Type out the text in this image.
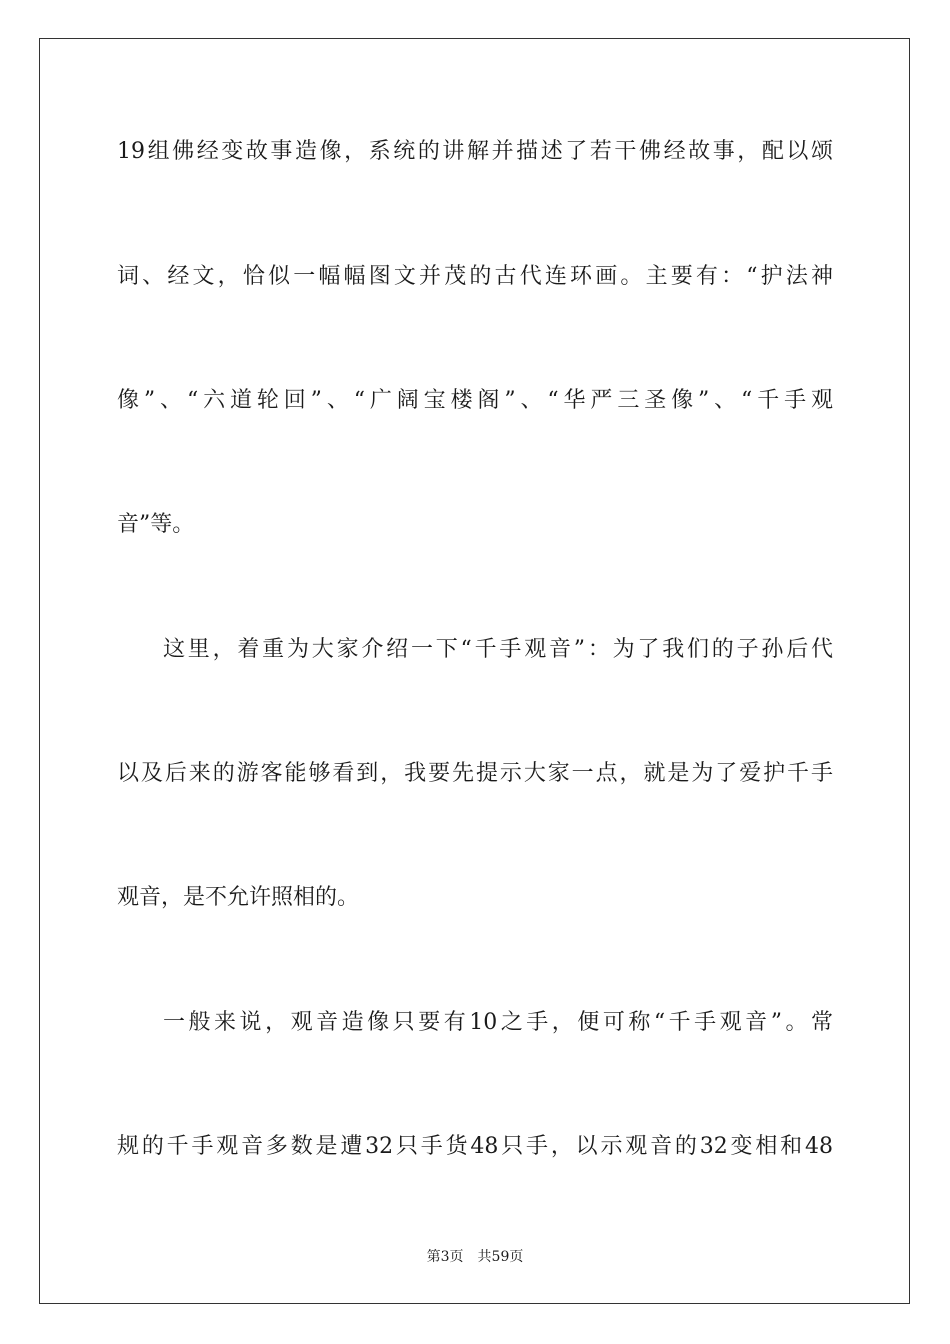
19组佛经变故事造像，系统的讲解并描述了若干佛经故事，配以颂

词、经文，恰似一幅幅图文并茂的古代连环画。主要有：“护法神

像”、“六道轮回”、“广阔宝楼阁”、“华严三圣像”、“千手观

音”等。

这里，着重为大家介绍一下“千手观音”：为了我们的子孙后代

以及后来的游客能够看到，我要先提示大家一点，就是为了爱护千手

观音，是不允许照相的。

一般来说，观音造像只要有10之手，便可称“千手观音”。常

规的千手观音多数是遭32只手货48只手，以示观音的32变相和48

第3页 共59页
